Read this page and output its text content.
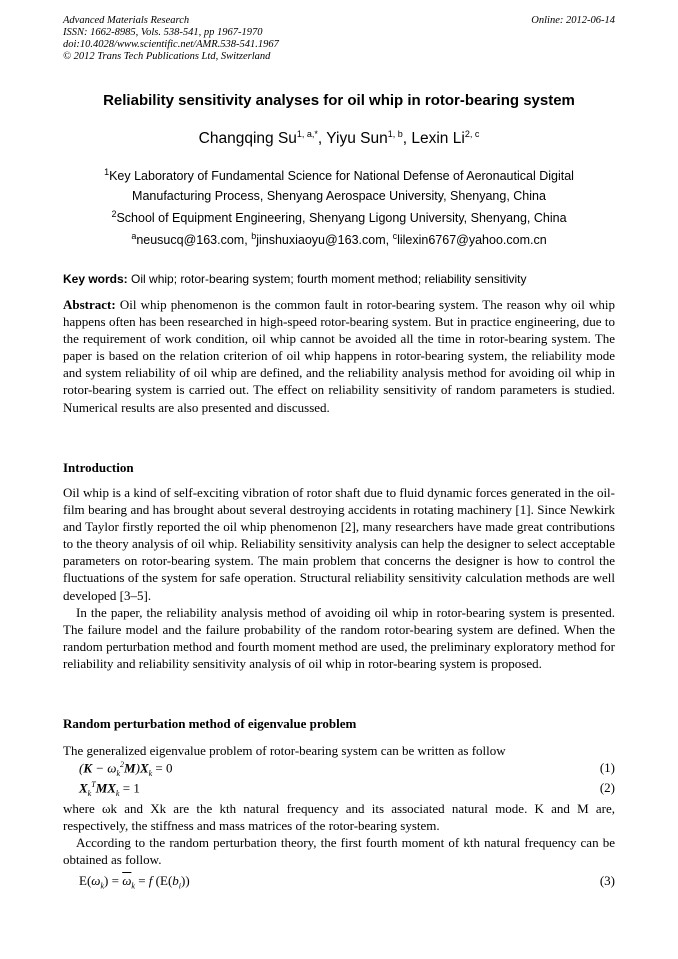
Advanced Materials Research
ISSN: 1662-8985, Vols. 538-541, pp 1967-1970
doi:10.4028/www.scientific.net/AMR.538-541.1967
© 2012 Trans Tech Publications Ltd, Switzerland
Online: 2012-06-14
Reliability sensitivity analyses for oil whip in rotor-bearing system
Changqing $Su^{1, a,*}$, Yiyu Sun$^{1, b}$, Lexin Li$^{2, c}$
$^1$Key Laboratory of Fundamental Science for National Defense of Aeronautical Digital
Manufacturing Process, Shenyang Aerospace University, Shenyang, China
$^2$School of Equipment Engineering, Shenyang Ligong University, Shenyang, China
$^a$neusucq@163.com, $^b$jinshuxiaoyu@163.com, $^c$lilexin6767@yahoo.com.cn
Key words: Oil whip; rotor-bearing system; fourth moment method; reliability sensitivity
Abstract: Oil whip phenomenon is the common fault in rotor-bearing system. The reason why oil whip happens often has been researched in high-speed rotor-bearing system. But in practice engineering, due to the requirement of work condition, oil whip cannot be avoided all the time in rotor-bearing system. The paper is based on the relation criterion of oil whip happens in rotor-bearing system, the reliability mode and system reliability of oil whip are defined, and the reliability analysis method for avoiding oil whip in rotor-bearing system is carried out. The effect on reliability sensitivity of random parameters is studied. Numerical results are also presented and discussed.
Introduction

Oil whip is a kind of self-exciting vibration of rotor shaft due to fluid dynamic forces generated in the oil-film bearing and has brought about several destroying accidents in rotating machinery [1]. Since Newkirk and Taylor firstly reported the oil whip phenomenon [2], many researchers have made great contributions to the theory analysis of oil whip. Reliability sensitivity analysis can help the designer to select acceptable parameters on rotor-bearing system. The main problem that concerns the designer is how to control the fluctuations of the system for safe operation. Structural reliability sensitivity calculation methods are well developed [3–5].

In the paper, the reliability analysis method of avoiding oil whip in rotor-bearing system is presented. The failure model and the failure probability of the random rotor-bearing system are defined. When the random perturbation method and fourth moment method are used, the preliminary exploratory method for reliability and reliability sensitivity analysis of oil whip in rotor-bearing system is proposed.

Random perturbation method of eigenvalue problem
The generalized eigenvalue problem of rotor-bearing system can be written as follow
$(K - \omega_k^2M)X_k = 0$	(1)
$X_k^TMX_k = 1$	(2)

where ωk and Xk are the kth natural frequency and its associated natural mode. K and M are, respectively, the stiffness and mass matrices of the rotor-bearing system.

According to the random perturbation theory, the first fourth moment of kth natural frequency can be obtained as follow.

$E(\omega_k) = \overline{\omega}_k = f$ $(E(b_i))$	(3)
